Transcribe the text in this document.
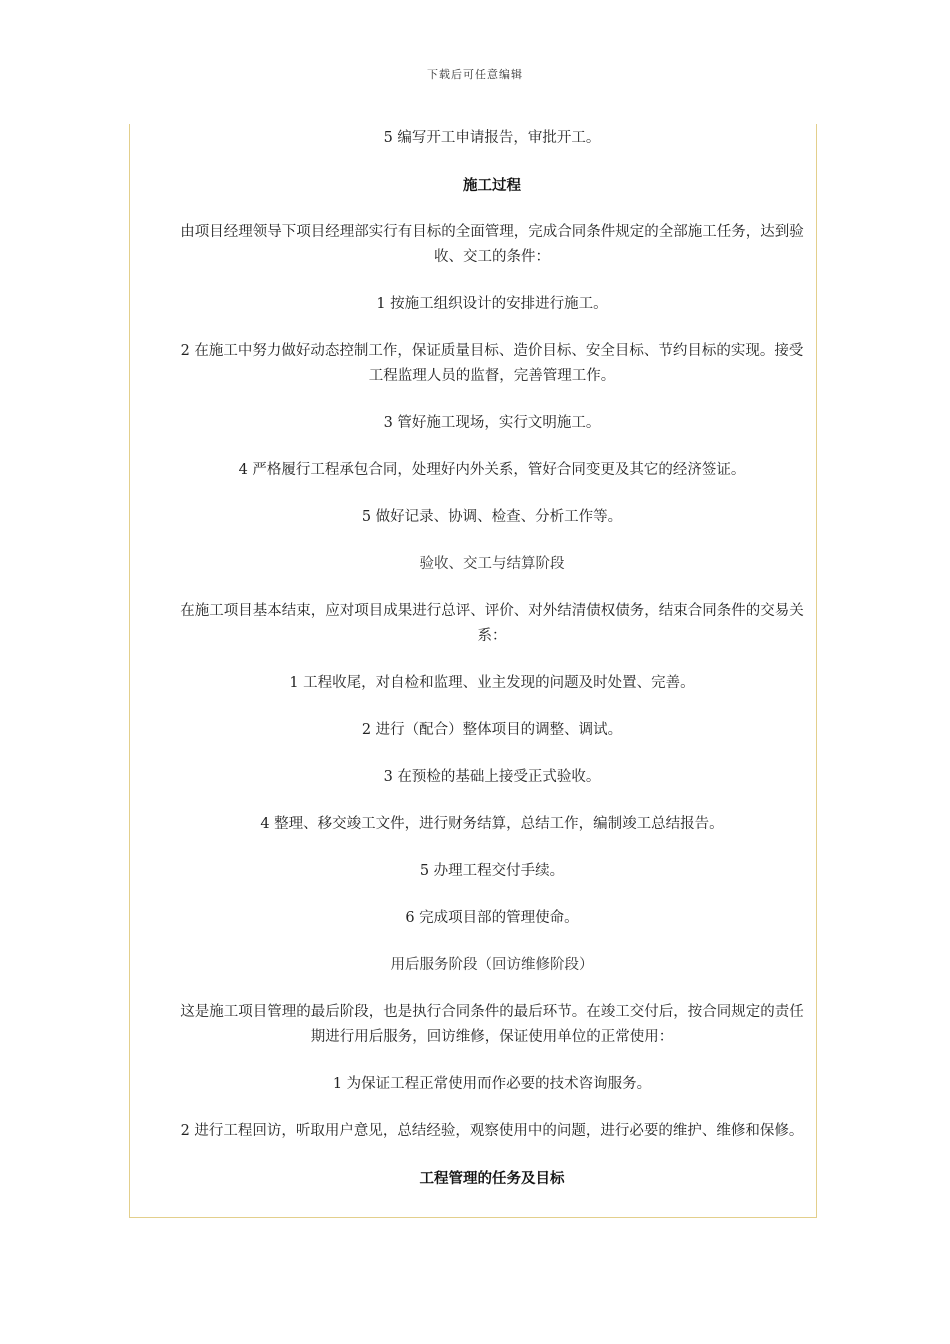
下载后可任意编辑

5 编写开工申请报告，审批开工。

施工过程

由项目经理领导下项目经理部实行有目标的全面管理，完成合同条件规定的全部施工任务，达到验收、交工的条件：

1 按施工组织设计的安排进行施工。

2 在施工中努力做好动态控制工作，保证质量目标、造价目标、安全目标、节约目标的实现。接受工程监理人员的监督，完善管理工作。

3 管好施工现场，实行文明施工。

4 严格履行工程承包合同，处理好内外关系，管好合同变更及其它的经济签证。

5 做好记录、协调、检查、分析工作等。

验收、交工与结算阶段

在施工项目基本结束，应对项目成果进行总评、评价、对外结清债权债务，结束合同条件的交易关系：

1 工程收尾，对自检和监理、业主发现的问题及时处置、完善。

2 进行（配合）整体项目的调整、调试。

3 在预检的基础上接受正式验收。

4 整理、移交竣工文件，进行财务结算，总结工作，编制竣工总结报告。

5 办理工程交付手续。

6 完成项目部的管理使命。

用后服务阶段（回访维修阶段）

这是施工项目管理的最后阶段，也是执行合同条件的最后环节。在竣工交付后，按合同规定的责任期进行用后服务，回访维修，保证使用单位的正常使用：

1 为保证工程正常使用而作必要的技术咨询服务。

2 进行工程回访，听取用户意见，总结经验，观察使用中的问题，进行必要的维护、维修和保修。

工程管理的任务及目标
